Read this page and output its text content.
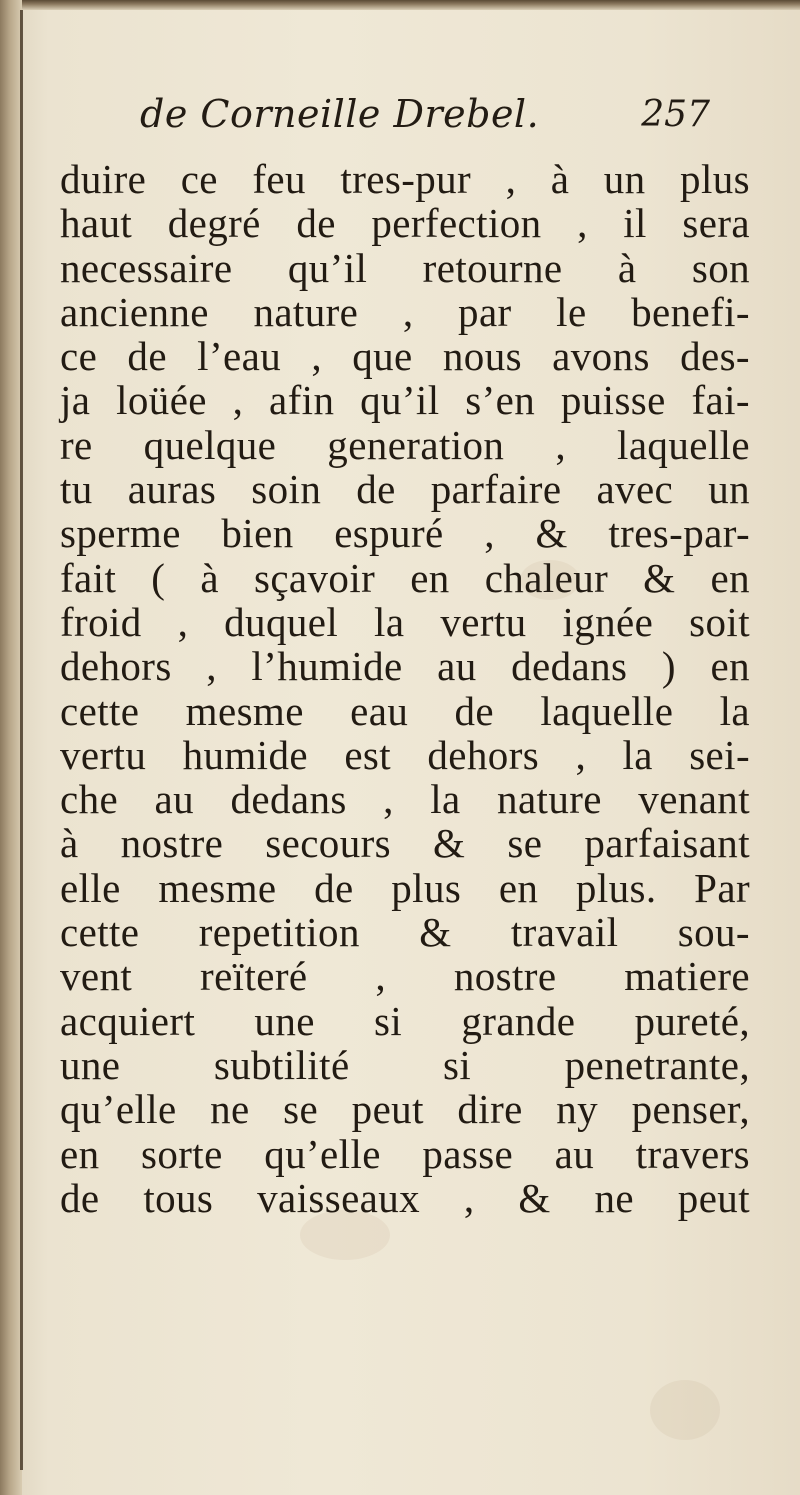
de Corneille Drebel.	257
duire ce feu tres-pur , à un plus
haut degré de perfection , il sera
necessaire qu’il retourne à son
ancienne nature , par le benefi-
ce de l’eau , que nous avons des-
ja loüée , afin qu’il s’en puisse fai-
re quelque generation , laquelle
tu auras soin de parfaire avec un
sperme bien espuré , & tres-par-
fait ( à sçavoir en chaleur & en
froid , duquel la vertu ignée soit
dehors , l’humide au dedans ) en
cette mesme eau de laquelle la
vertu humide est dehors , la sei-
che au dedans , la nature venant
à nostre secours & se parfaisant
elle mesme de plus en plus. Par
cette repetition & travail sou-
vent reïteré , nostre matiere
acquiert une si grande pureté,
une subtilité si penetrante,
qu’elle ne se peut dire ny penser,
en sorte qu’elle passe au travers
de tous vaisseaux , & ne peut
